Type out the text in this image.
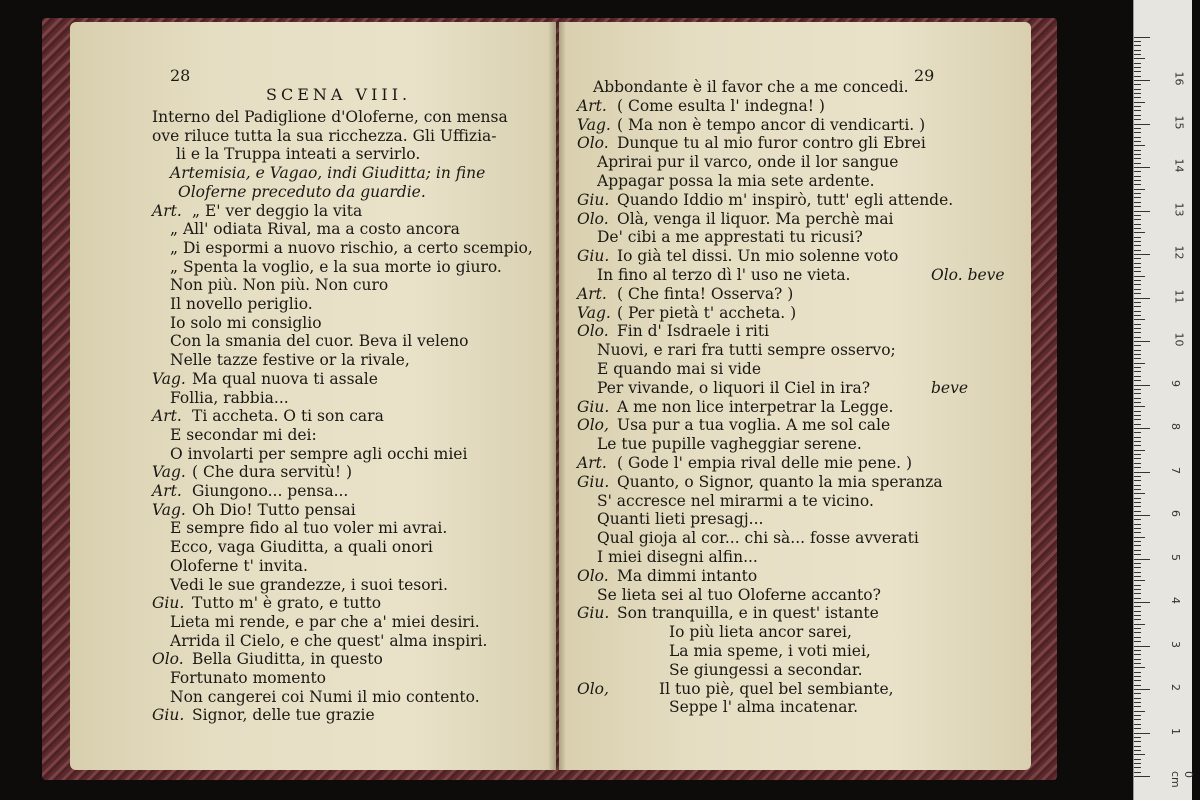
28
SCENA VIII.
Interno del Padiglione d'Oloferne, con mensa
ove riluce tutta la sua ricchezza. Gli Uffizia-
li e la Truppa inteati a servirlo.
Artemisia, e Vagao, indi Giuditta; in fine
Oloferne preceduto da guardie.
Art. „ E' ver deggio la vita
„ All' odiata Rival, ma a costo ancora
„ Di espormi a nuovo rischio, a certo scempio,
„ Spenta la voglio, e la sua morte io giuro.
Non più. Non più. Non curo
Il novello periglio.
Io solo mi consiglio
Con la smania del cuor. Beva il veleno
Nelle tazze festive or la rivale,
Vag. Ma qual nuova ti assale
Follia, rabbia...
Art. Ti accheta. O ti son cara
E secondar mi dei:
O involarti per sempre agli occhi miei
Vag. ( Che dura servitù! )
Art. Giungono... pensa...
Vag. Oh Dio! Tutto pensai
E sempre fido al tuo voler mi avrai.
Ecco, vaga Giuditta, a quali onori
Oloferne t' invita.
Vedi le sue grandezze, i suoi tesori.
Giu. Tutto m' è grato, e tutto
Lieta mi rende, e par che a' miei desiri.
Arrida il Cielo, e che quest' alma inspiri.
Olo. Bella Giuditta, in questo
Fortunato momento
Non cangerei coi Numi il mio contento.
Giu. Signor, delle tue grazie
29
Abbondante è il favor che a me concedi.
Art. ( Come esulta l' indegna! )
Vag. ( Ma non è tempo ancor di vendicarti. )
Olo. Dunque tu al mio furor contro gli Ebrei
Aprirai pur il varco, onde il lor sangue
Appagar possa la mia sete ardente.
Giu. Quando Iddio m' inspirò, tutt' egli attende.
Olo. Olà, venga il liquor. Ma perchè mai
De' cibi a me apprestati tu ricusi?
Giu. Io già tel dissi. Un mio solenne voto
In fino al terzo dì l' uso ne vieta.	Olo. beve
Art. ( Che finta! Osserva? )
Vag. ( Per pietà t' accheta. )
Olo. Fin d' Isdraele i riti
Nuovi, e rari fra tutti sempre osservo;
E quando mai si vide
Per vivande, o liquori il Ciel in ira?	beve
Giu. A me non lice interpetrar la Legge.
Olo, Usa pur a tua voglia. A me sol cale
Le tue pupille vagheggiar serene.
Art. ( Gode l' empia rival delle mie pene. )
Giu. Quanto, o Signor, quanto la mia speranza
S' accresce nel mirarmi a te vicino.
Quanti lieti presagj...
Qual gioja al cor... chi sà... fosse avverati
I miei disegni alfin...
Olo. Ma dimmi intanto
Se lieta sei al tuo Oloferne accanto?
Giu. Son tranquilla, e in quest' istante
Io più lieta ancor sarei,
La mia speme, i voti miei,
Se giungessi a secondar.
Olo,	Il tuo piè, quel bel sembiante,
Seppe l' alma incatenar.
0 cm
1
2
3
4
5
6
7
8
9
10
11
12
13
14
15
16
